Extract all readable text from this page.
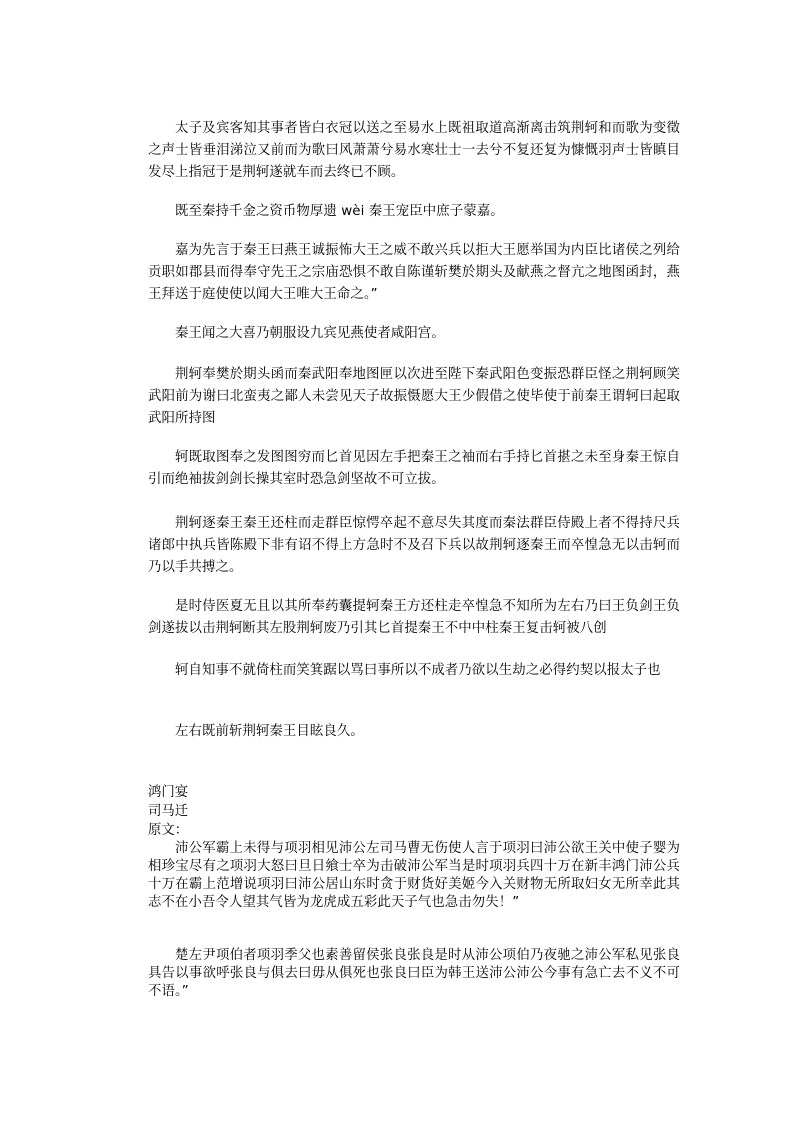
太子及宾客知其事者皆白衣冠以送之至易水上既祖取道高渐离击筑荆轲和而歌为变徵之声士皆垂泪涕泣又前而为歌曰风萧萧兮易水寒壮士一去兮不复还复为慷慨羽声士皆瞋目发尽上指冠于是荆轲遂就车而去终已不顾。

既至秦持千金之资币物厚遗 wèi 秦王宠臣中庶子蒙嘉。

嘉为先言于秦王曰燕王诚振怖大王之威不敢兴兵以拒大王愿举国为内臣比诸侯之列给贡职如郡县而得奉守先王之宗庙恐惧不敢自陈谨斩樊於期头及献燕之督亢之地图函封，燕王拜送于庭使使以闻大王唯大王命之。”

秦王闻之大喜乃朝服设九宾见燕使者咸阳宫。

荆轲奉樊於期头函而秦武阳奉地图匣以次进至陛下秦武阳色变振恐群臣怪之荆轲顾笑武阳前为谢曰北蛮夷之鄙人未尝见天子故振慑愿大王少假借之使毕使于前秦王谓轲曰起取武阳所持图

轲既取图奉之发图图穷而匕首见因左手把秦王之袖而右手持匕首揕之未至身秦王惊自引而绝袖拔剑剑长操其室时恐急剑坚故不可立拔。

荆轲逐秦王秦王还柱而走群臣惊愕卒起不意尽失其度而秦法群臣侍殿上者不得持尺兵诸郎中执兵皆陈殿下非有诏不得上方急时不及召下兵以故荆轲逐秦王而卒惶急无以击轲而乃以手共搏之。

是时侍医夏无且以其所奉药囊提轲秦王方还柱走卒惶急不知所为左右乃曰王负剑王负剑遂拔以击荆轲断其左股荆轲废乃引其匕首提秦王不中中柱秦王复击轲被八创

轲自知事不就倚柱而笑箕踞以骂曰事所以不成者乃欲以生劫之必得约契以报太子也

左右既前斩荆轲秦王目眩良久。

鸿门宴

司马迁

原文：

沛公军霸上未得与项羽相见沛公左司马曹无伤使人言于项羽曰沛公欲王关中使子婴为相珍宝尽有之项羽大怒曰旦日飨士卒为击破沛公军当是时项羽兵四十万在新丰鸿门沛公兵十万在霸上范增说项羽曰沛公居山东时贪于财货好美姬今入关财物无所取妇女无所幸此其志不在小吾令人望其气皆为龙虎成五彩此天子气也急击勿失！”

楚左尹项伯者项羽季父也素善留侯张良张良是时从沛公项伯乃夜驰之沛公军私见张良具告以事欲呼张良与俱去曰毋从俱死也张良曰臣为韩王送沛公沛公今事有急亡去不义不可不语。”
